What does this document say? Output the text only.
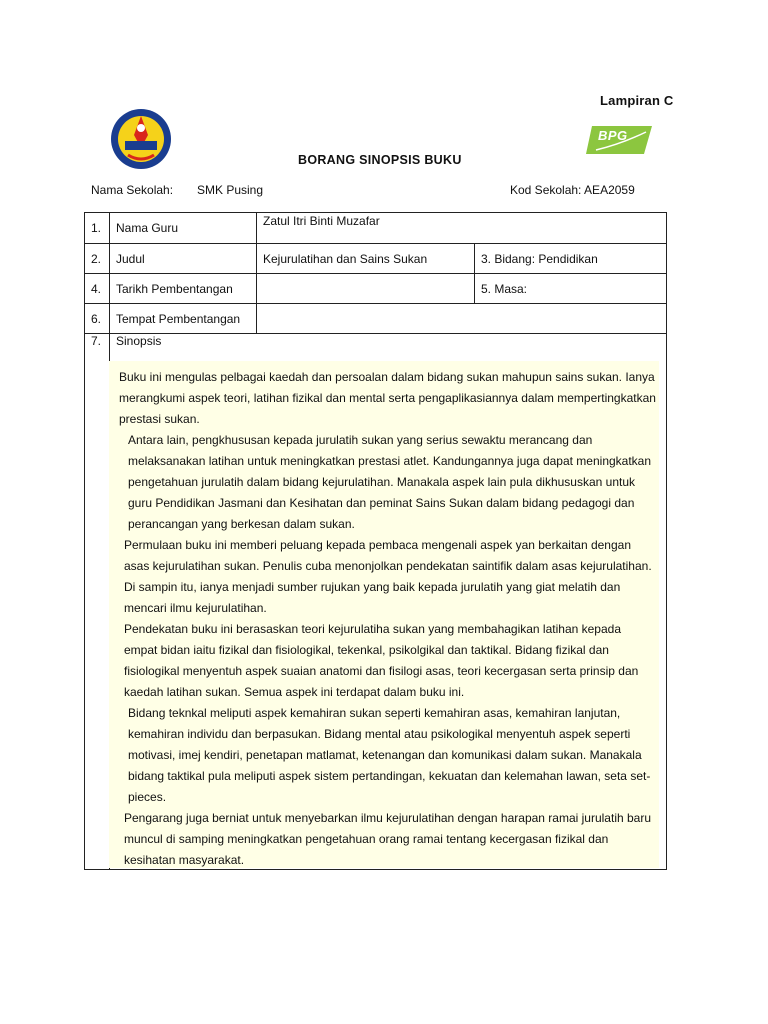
Lampiran C
BPG
BORANG SINOPSIS BUKU
Nama Sekolah: SMK Pusing	Kod Sekolah: AEA2059
1.	Nama Guru	Zatul Itri Binti Muzafar	
2.	Judul	Kejurulatihan dan Sains Sukan	3. Bidang: Pendidikan
4.	Tarikh Pembentangan		5. Masa:
6.	Tempat Pembentangan		
7.	Sinopsis		
Buku ini mengulas pelbagai kaedah dan persoalan dalam bidang sukan mahupun sains sukan. Ianya merangkumi aspek teori, latihan fizikal dan mental serta pengaplikasiannya dalam mempertingkatkan prestasi sukan.
Antara lain, pengkhususan kepada jurulatih sukan yang serius sewaktu merancang dan melaksanakan latihan untuk meningkatkan prestasi atlet. Kandungannya juga dapat meningkatkan pengetahuan jurulatih dalam bidang kejurulatihan. Manakala aspek lain pula dikhususkan untuk guru Pendidikan Jasmani dan Kesihatan dan peminat Sains Sukan dalam bidang pedagogi dan perancangan yang berkesan dalam sukan.
Permulaan buku ini memberi peluang kepada pembaca mengenali aspek yan berkaitan dengan asas kejurulatihan sukan. Penulis cuba menonjolkan pendekatan saintifik dalam asas kejurulatihan. Di sampin itu, ianya menjadi sumber rujukan yang baik kepada jurulatih yang giat melatih dan mencari ilmu kejurulatihan.
Pendekatan buku ini berasaskan teori kejurulatiha sukan yang membahagikan latihan kepada empat bidan iaitu fizikal dan fisiologikal, tekenkal, psikolgikal dan taktikal. Bidang fizikal dan fisiologikal menyentuh aspek suaian anatomi dan fisilogi asas, teori kecergasan serta prinsip dan kaedah latihan sukan. Semua aspek ini terdapat dalam buku ini.
Bidang teknkal meliputi aspek kemahiran sukan seperti kemahiran asas, kemahiran lanjutan, kemahiran individu dan berpasukan. Bidang mental atau psikologikal menyentuh aspek seperti motivasi, imej kendiri, penetapan matlamat, ketenangan dan komunikasi dalam sukan. Manakala bidang taktikal pula meliputi aspek sistem pertandingan, kekuatan dan kelemahan lawan, seta set-pieces.
Pengarang juga berniat untuk menyebarkan ilmu kejurulatihan dengan harapan ramai jurulatih baru muncul di samping meningkatkan pengetahuan orang ramai tentang kecergasan fizikal dan kesihatan masyarakat.
